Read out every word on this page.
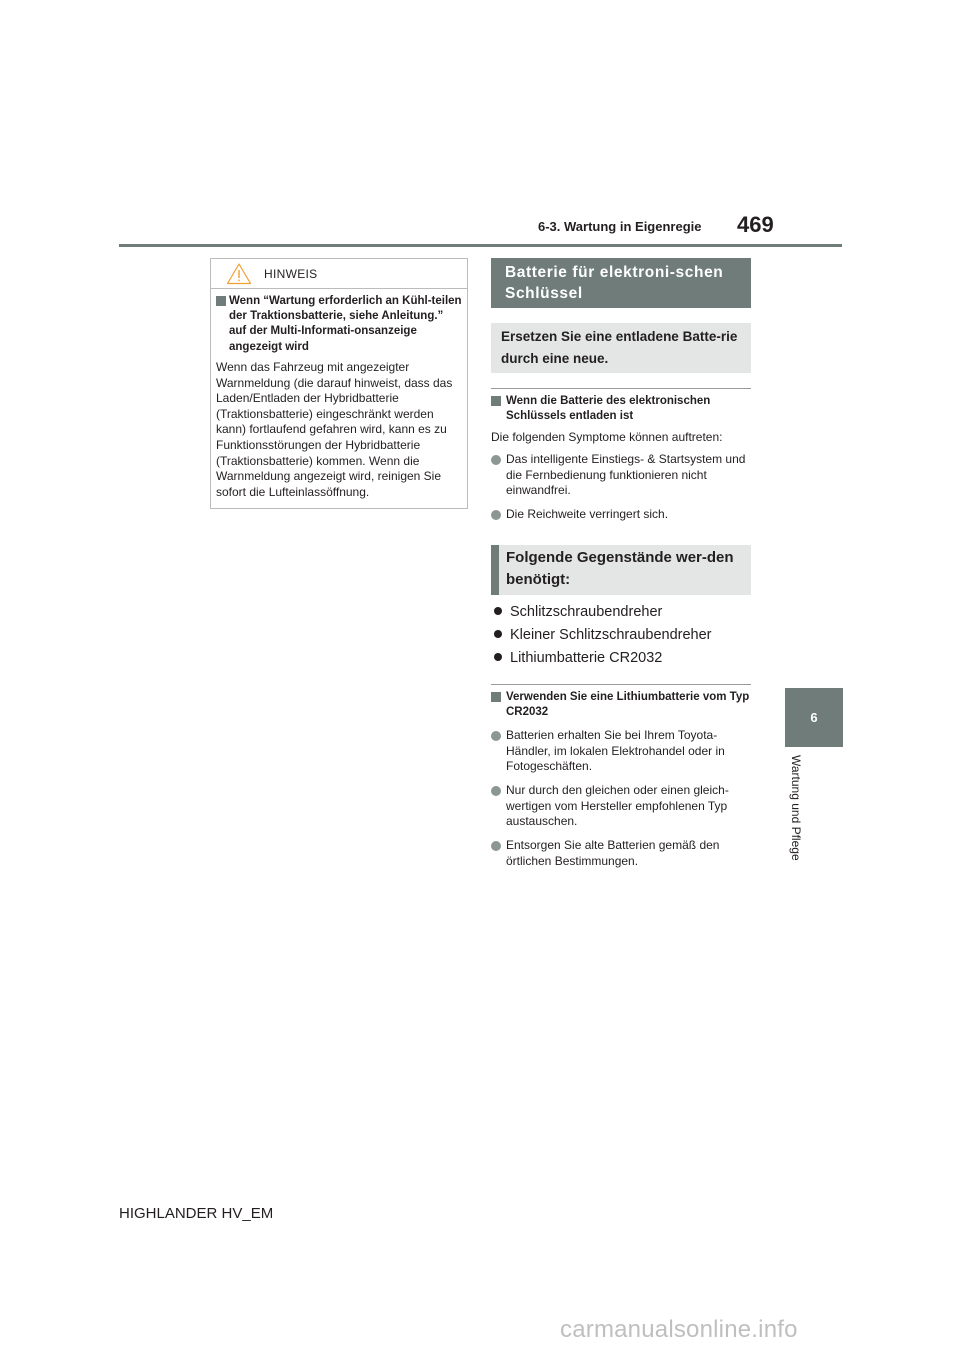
6-3. Wartung in Eigenregie 469
6
Wartung und Pflege
HINWEIS
Wenn “Wartung erforderlich an Kühl-teilen der Traktionsbatterie, siehe Anleitung.” auf der Multi-Informati-onsanzeige angezeigt wird
Wenn das Fahrzeug mit angezeigter Warnmeldung (die darauf hinweist, dass das Laden/Entladen der Hybridbatterie (Traktionsbatterie) eingeschränkt werden kann) fortlaufend gefahren wird, kann es zu Funktionsstörungen der Hybridbatterie (Traktionsbatterie) kommen. Wenn die Warnmeldung angezeigt wird, reinigen Sie sofort die Lufteinlassöffnung.
Batterie für elektroni-schen Schlüssel
Ersetzen Sie eine entladene Batte-rie durch eine neue.
Wenn die Batterie des elektronischen Schlüssels entladen ist
Die folgenden Symptome können auftreten:
Das intelligente Einstiegs- & Startsystem und die Fernbedienung funktionieren nicht einwandfrei.
Die Reichweite verringert sich.
Folgende Gegenstände wer-den benötigt:
Schlitzschraubendreher
Kleiner Schlitzschraubendreher
Lithiumbatterie CR2032
Verwenden Sie eine Lithiumbatterie vom Typ CR2032
Batterien erhalten Sie bei Ihrem Toyota-Händler, im lokalen Elektrohandel oder in Fotogeschäften.
Nur durch den gleichen oder einen gleich-wertigen vom Hersteller empfohlenen Typ austauschen.
Entsorgen Sie alte Batterien gemäß den örtlichen Bestimmungen.
HIGHLANDER HV_EM
carmanualsonline.info
